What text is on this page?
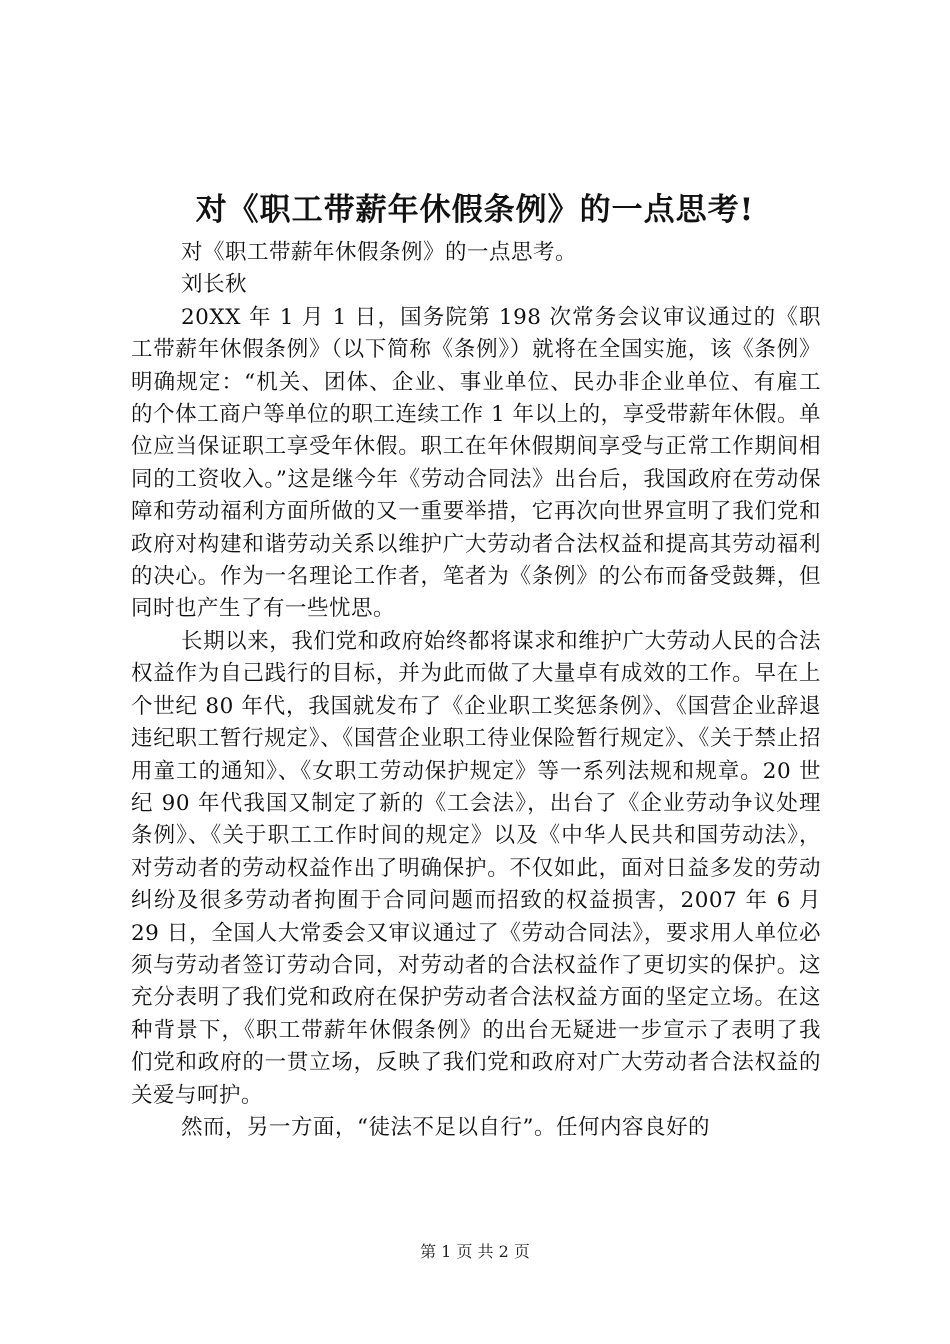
对《职工带薪年休假条例》的一点思考!

对《职工带薪年休假条例》的一点思考。

刘长秋

20XX 年 1 月 1 日，国务院第 198 次常务会议审议通过的《职工带薪年休假条例》（以下简称《条例》）就将在全国实施，该《条例》明确规定：“机关、团体、企业、事业单位、民办非企业单位、有雇工的个体工商户等单位的职工连续工作 1 年以上的，享受带薪年休假。单位应当保证职工享受年休假。职工在年休假期间享受与正常工作期间相同的工资收入。”这是继今年《劳动合同法》出台后，我国政府在劳动保障和劳动福利方面所做的又一重要举措，它再次向世界宣明了我们党和政府对构建和谐劳动关系以维护广大劳动者合法权益和提高其劳动福利的决心。作为一名理论工作者，笔者为《条例》的公布而备受鼓舞，但同时也产生了有一些忧思。

长期以来，我们党和政府始终都将谋求和维护广大劳动人民的合法权益作为自己践行的目标，并为此而做了大量卓有成效的工作。早在上个世纪 80 年代，我国就发布了《企业职工奖惩条例》、《国营企业辞退违纪职工暂行规定》、《国营企业职工待业保险暂行规定》、《关于禁止招用童工的通知》、《女职工劳动保护规定》等一系列法规和规章。20 世纪 90 年代我国又制定了新的《工会法》，出台了《企业劳动争议处理条例》、《关于职工工作时间的规定》以及《中华人民共和国劳动法》，对劳动者的劳动权益作出了明确保护。不仅如此，面对日益多发的劳动纠纷及很多劳动者拘囿于合同问题而招致的权益损害，2007 年 6 月 29 日，全国人大常委会又审议通过了《劳动合同法》，要求用人单位必须与劳动者签订劳动合同，对劳动者的合法权益作了更切实的保护。这充分表明了我们党和政府在保护劳动者合法权益方面的坚定立场。在这种背景下，《职工带薪年休假条例》的出台无疑进一步宣示了表明了我们党和政府的一贯立场，反映了我们党和政府对广大劳动者合法权益的关爱与呵护。

然而，另一方面，“徒法不足以自行”。任何内容良好的

第 1 页 共 2 页
